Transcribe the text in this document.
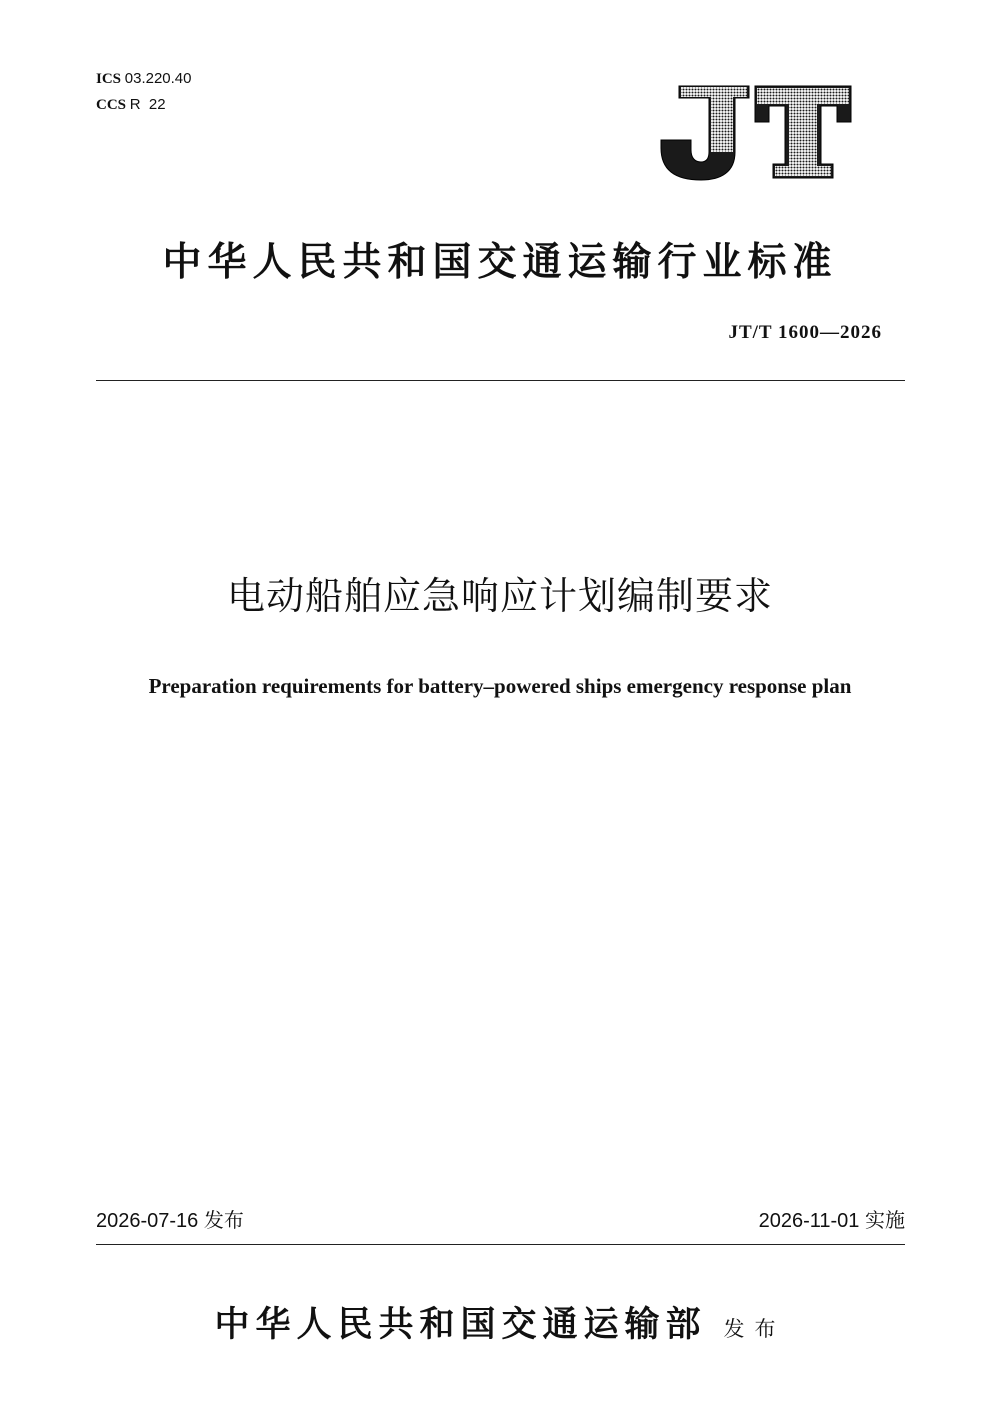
ICS 03.220.40
CCS R  22
中华人民共和国交通运输行业标准
JT/T 1600—2026
电动船舶应急响应计划编制要求
Preparation requirements for battery–powered ships emergency response plan
2026-07-16 发布	2026-11-01 实施
中华人民共和国交通运输部 发布
